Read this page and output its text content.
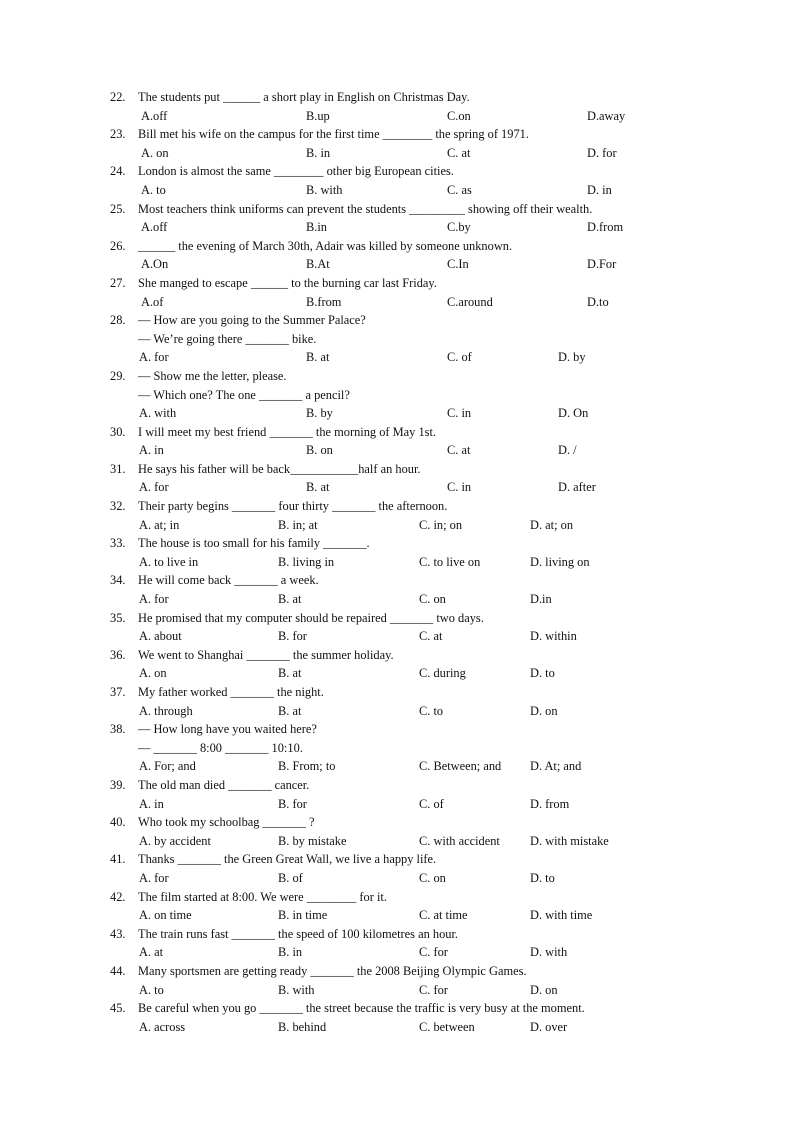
22. The students put ______ a short play in English on Christmas Day.
A.off	B.up	C.on	D.away
23. Bill met his wife on the campus for the first time ________ the spring of 1971.
A. on	B. in	C. at	D. for
24. London is almost the same ________ other big European cities.
A. to	B. with	C. as	D. in
25. Most teachers think uniforms can prevent the students _________ showing off their wealth.
A.off	B.in	C.by	D.from
26. ______ the evening of March 30th, Adair was killed by someone unknown.
A.On	B.At	C.In	D.For
27. She manged to escape ______ to the burning car last Friday.
A.of	B.from	C.around	D.to
28. — How are you going to the Summer Palace?
— We’re going there _______ bike.
A. for	B. at	C. of	D. by
29. — Show me the letter, please.
— Which one? The one _______ a pencil?
A. with	B. by	C. in	D. On
30. I will meet my best friend _______ the morning of May 1st.
A. in	B. on	C. at	D. /
31. He says his father will be back___________half an hour.
A. for	B. at	C. in	D. after
32. Their party begins _______ four thirty _______ the afternoon.
A. at; in	B. in; at	C. in; on	D. at; on
33. The house is too small for his family _______.
A. to live in	B. living in	C. to live on	D. living on
34. He will come back _______ a week.
A. for	B. at	C. on	D.in
35. He promised that my computer should be repaired _______ two days.
A. about	B. for	C. at	D. within
36. We went to Shanghai _______ the summer holiday.
A. on	B. at	C. during	D. to
37. My father worked _______ the night.
A. through	B. at	C. to	D. on
38. — How long have you waited here?
— _______ 8:00 _______ 10:10.
A. For; and	B. From; to	C. Between; and D. At; and
39. The old man died _______ cancer.
A. in	B. for	C. of	D. from
40. Who took my schoolbag _______ ?
A. by accident	B. by mistake	C. with accident D. with mistake
41. Thanks _______ the Green Great Wall, we live a happy life.
A. for	B. of	C. on	D. to
42. The film started at 8:00. We were ________ for it.
A. on time	B. in time	C. at time	D. with time
43. The train runs fast _______ the speed of 100 kilometres an hour.
A. at	B. in	C. for	D. with
44. Many sportsmen are getting ready _______ the 2008 Beijing Olympic Games.
A. to	B. with	C. for	D. on
45. Be careful when you go _______ the street because the traffic is very busy at the moment.
A. across	B. behind	C. between	D. over
